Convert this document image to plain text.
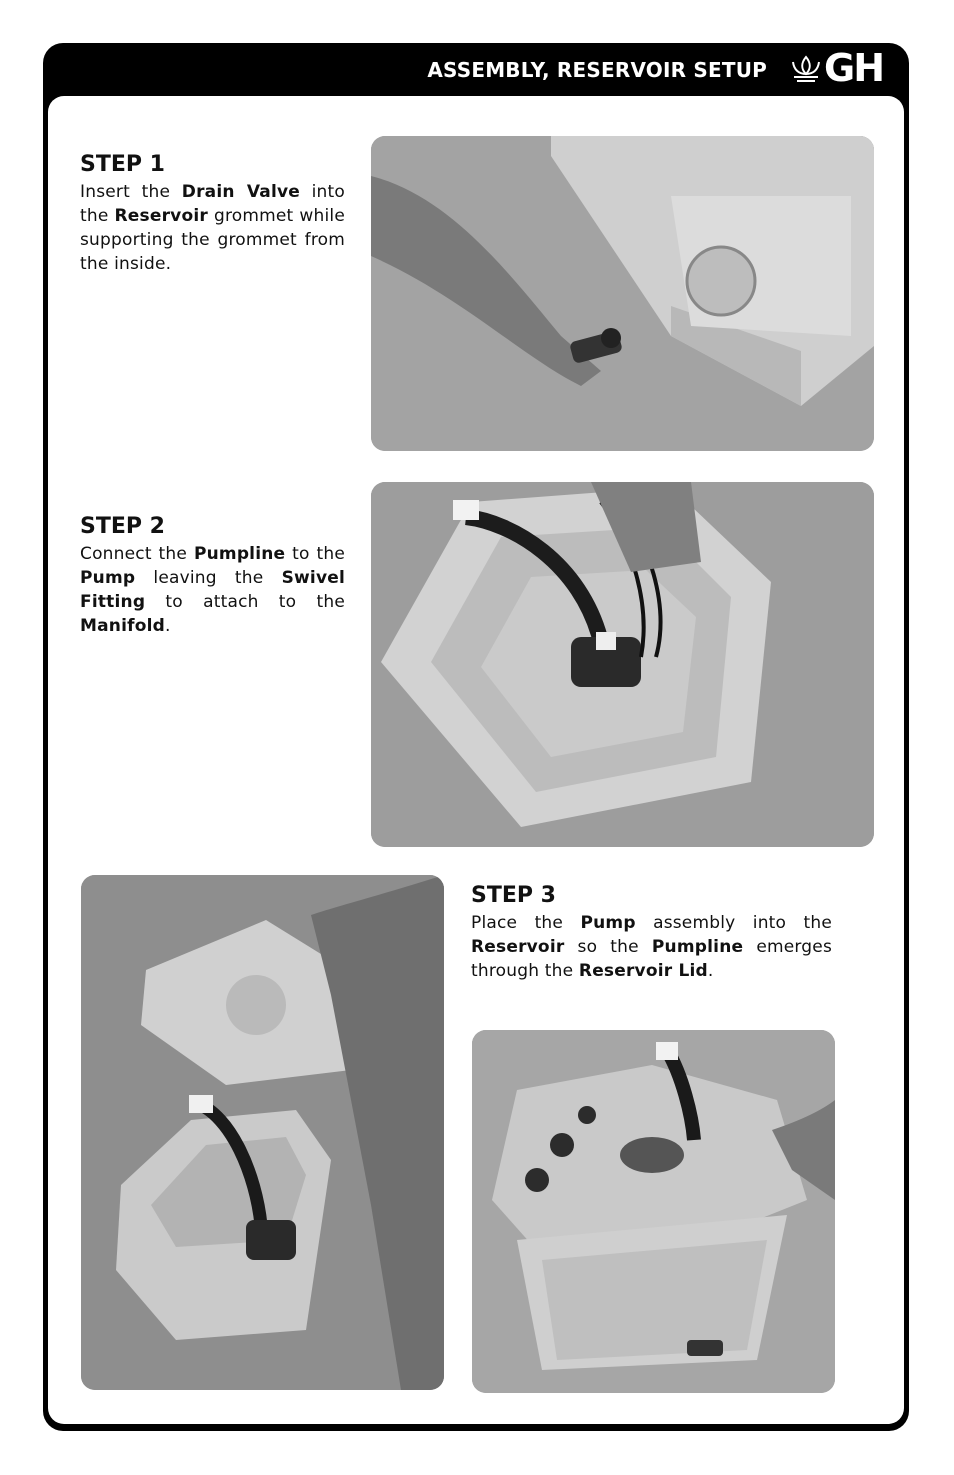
ASSEMBLY, RESERVOIR SETUP GH
STEP 1

Insert the Drain Valve into the Reservoir grommet while supporting the grommet from the inside.

STEP 2

Connect the Pumpline to the Pump leaving the Swivel Fitting to attach to the Manifold.

STEP 3

Place the Pump assembly into the Reservoir so the Pumpline emerges through the Reservoir Lid.
